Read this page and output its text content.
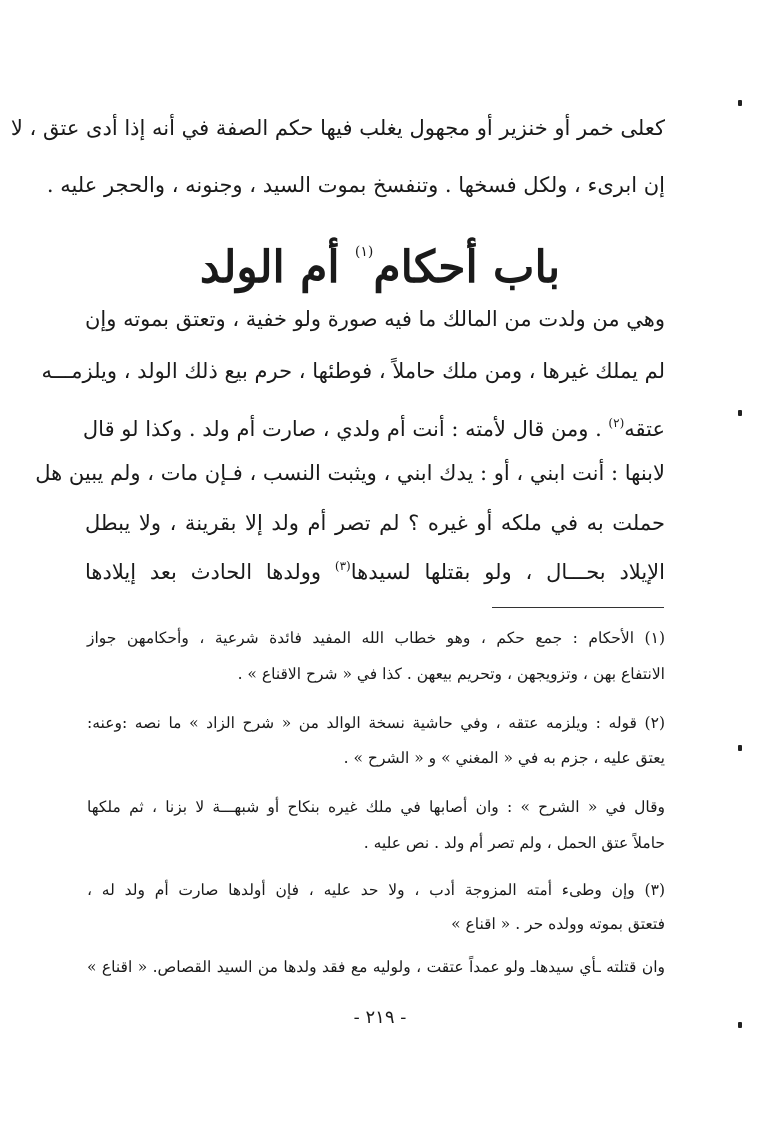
كعلى خمر أو خنزير أو مجهول يغلب فيها حكم الصفة في أنه إذا أدى عتق ، لا
إن ابرىء ، ولكل فسخها . وتنفسخ بموت السيد ، وجنونه ، والحجر عليه .
باب أحكام$^{(١)}$ أم الولد
وهي من ولدت من المالك ما فيه صورة ولو خفية ، وتعتق بموته وإن
لم يملك غيرها ، ومن ملك حاملاً ، فوطئها ، حرم بيع ذلك الولد ، ويلزمـــه
عتقه$^{(٢)}$ . ومن قال لأمته : أنت أم ولدي ، صارت أم ولد . وكذا لو قال
لابنها : أنت ابني ، أو : يدك ابني ، ويثبت النسب ، فـإن مات ، ولم يبين هل
حملت به في ملكه أو غيره ؟ لم تصر أم ولد إلا بقرينة ، ولا يبطل
الإيلاد بحـــال ، ولو بقتلها لسيدها$^{(٣)}$ وولدها الحادث بعد إيلادها
(١) الأحكام : جمع حكم ، وهو خطاب الله المفيد فائدة شرعية ، وأحكامهن جواز
الانتفاع بهن ، وتزويجهن ، وتحريم بيعهن . كذا في « شرح الاقناع » .
(٢) قوله : ويلزمه عتقه ، وفي حاشية نسخة الوالد من « شرح الزاد » ما نصه :وعنه:
يعتق عليه ، جزم به في « المغني » و « الشرح » .
وقال في « الشرح » : وان أصابها في ملك غيره بنكاح أو شبهـــة لا بزنا ، ثم ملكها
حاملاً عتق الحمل ، ولم تصر أم ولد . نص عليه .
(٣) وإن وطىء أمته المزوجة أدب ، ولا حد عليه ، فإن أولدها صارت أم ولد له ،
فتعتق بموته وولده حر . « اقناع »
وان قتلته ـأي سيدهاـ ولو عمداً عتقت ، ولوليه مع فقد ولدها من السيد القصاص. « اقناع »
- ٢١٩ -
